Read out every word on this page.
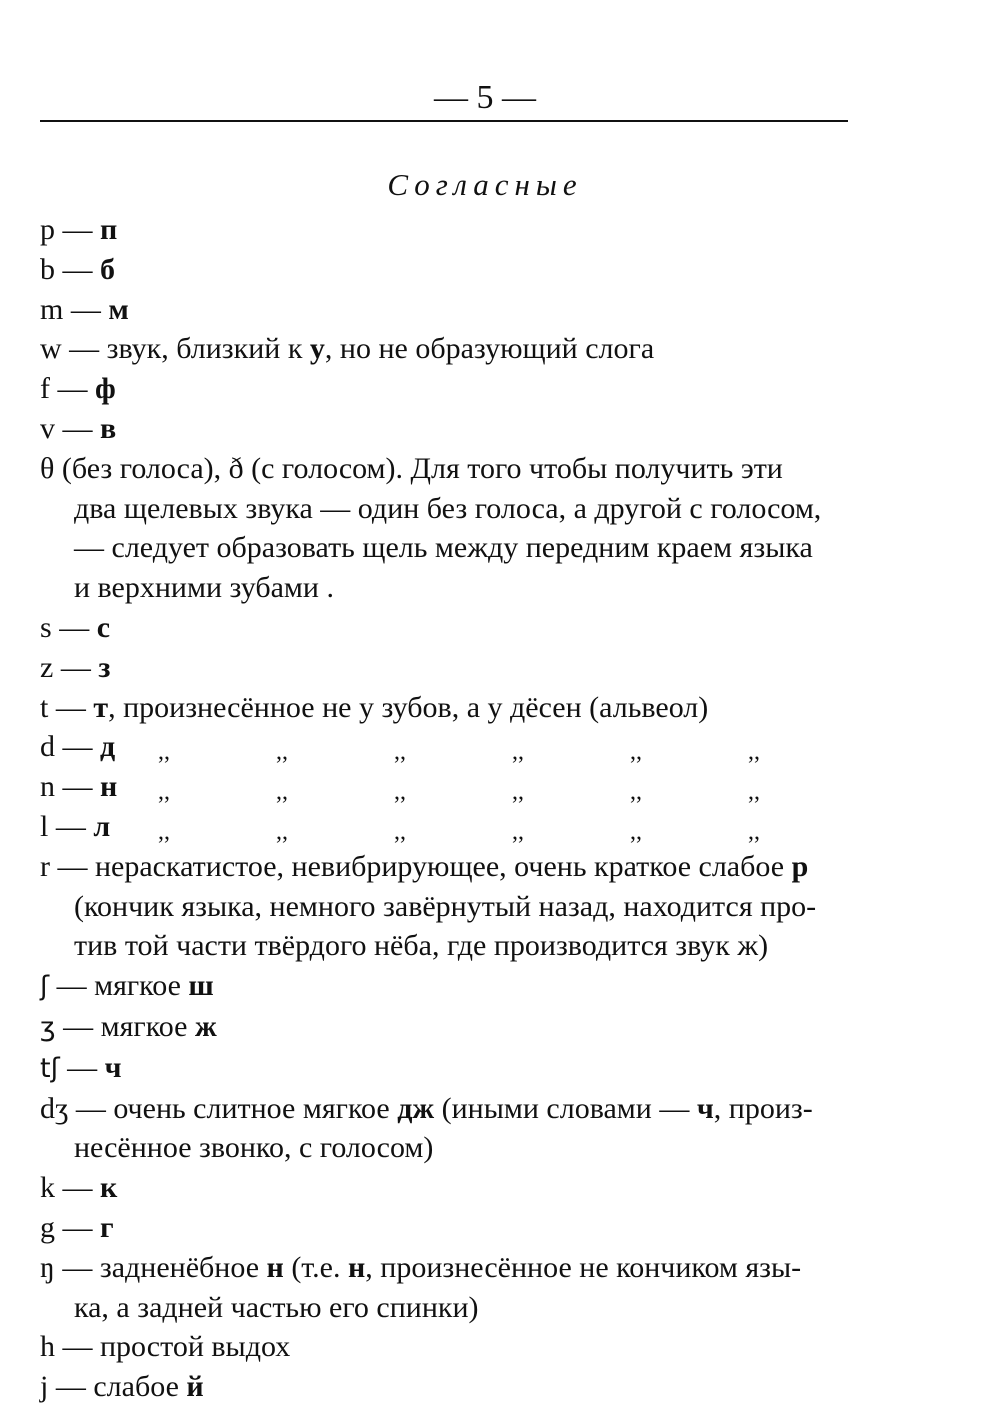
— 5 —
Согласные
p — п
b — б
m — м
w — звук, близкий к у, но не образующий слога
f — ф
v — в
θ (без голоса), ð (с голосом). Для того чтобы получить эти
два щелевых звука — один без голоса, а другой с голосом,
— следует образовать щель между передним краем языка
и верхними зубами .
s — с
z — з
t — т, произнесённое не у зубов, а у дёсен (альвеол)
d — д	,,	,,	,,	,,	,,	,,
n — н	,,	,,	,,	,,	,,	,,
l — л	,,	,,	,,	,,	,,	,,
r — нераскатистое, невибрирующее, очень краткое слабое р
(кончик языка, немного завёрнутый назад, находится про-
тив той части твёрдого нёба, где производится звук ж)
ʃ — мягкое ш
ʒ — мягкое ж
tʃ — ч
dʒ — очень слитное мягкое дж (иными словами — ч, произ-
несённое звонко, с голосом)
k — к
g — г
ŋ — задненёбное н (т.е. н, произнесённое не кончиком язы-
ка, а задней частью его спинки)
h — простой выдох
j — слабое й
